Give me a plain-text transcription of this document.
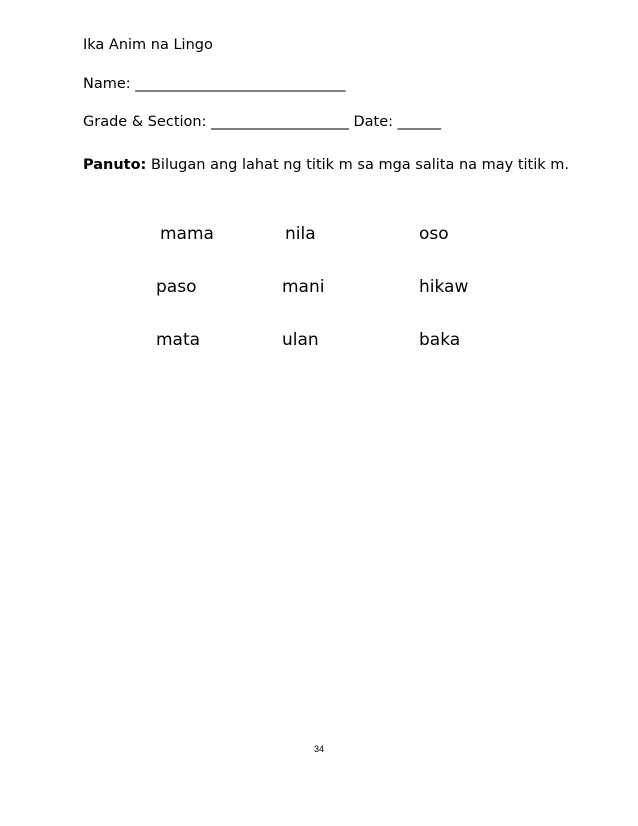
Ika Anim na Lingo
Name: _____________________________
Grade & Section: ___________________ Date: ______
Panuto: Bilugan ang lahat ng titik m sa mga salita na may titik m.
mama	nila	oso
paso	mani	hikaw
mata	ulan	baka
34
